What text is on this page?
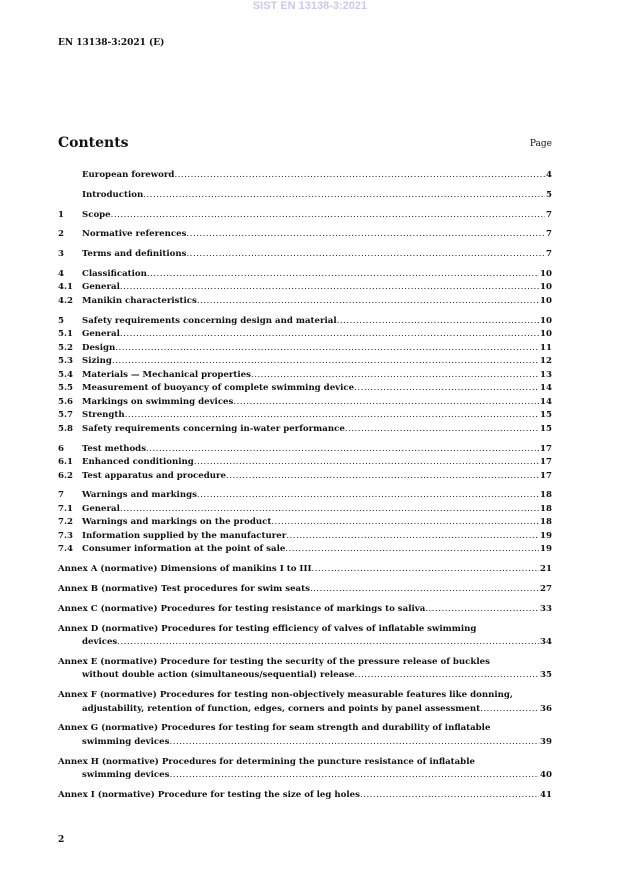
SIST EN 13138-3:2021
EN 13138-3:2021 (E)
Contents	Page
European foreword .....	4
Introduction .....	5
1	Scope .....	7
2	Normative references .....	7
3	Terms and definitions .....	7
4	Classification .....	10
4.1	General .....	10
4.2	Manikin characteristics .....	10
5	Safety requirements concerning design and material .....	10
5.1	General .....	10
5.2	Design .....	11
5.3	Sizing .....	12
5.4	Materials — Mechanical properties .....	13
5.5	Measurement of buoyancy of complete swimming device .....	14
5.6	Markings on swimming devices .....	14
5.7	Strength .....	15
5.8	Safety requirements concerning in-water performance .....	15
6	Test methods .....	17
6.1	Enhanced conditioning .....	17
6.2	Test apparatus and procedure .....	17
7	Warnings and markings .....	18
7.1	General .....	18
7.2	Warnings and markings on the product .....	18
7.3	Information supplied by the manufacturer .....	19
7.4	Consumer information at the point of sale .....	19
Annex A (normative) Dimensions of manikins I to III .....	21
Annex B (normative) Test procedures for swim seats .....	27
Annex C (normative) Procedures for testing resistance of markings to saliva .....	33
Annex D (normative) Procedures for testing efficiency of valves of inflatable swimming
devices .....	34
Annex E (normative) Procedure for testing the security of the pressure release of buckles
without double action (simultaneous/sequential) release .....	35
Annex F (normative) Procedures for testing non-objectively measurable features like donning,
adjustability, retention of function, edges, corners and points by panel assessment .....	36
Annex G (normative) Procedures for testing for seam strength and durability of inflatable
swimming devices .....	39
Annex H (normative) Procedures for determining the puncture resistance of inflatable
swimming devices .....	40
Annex I (normative) Procedure for testing the size of leg holes .....	41
2
